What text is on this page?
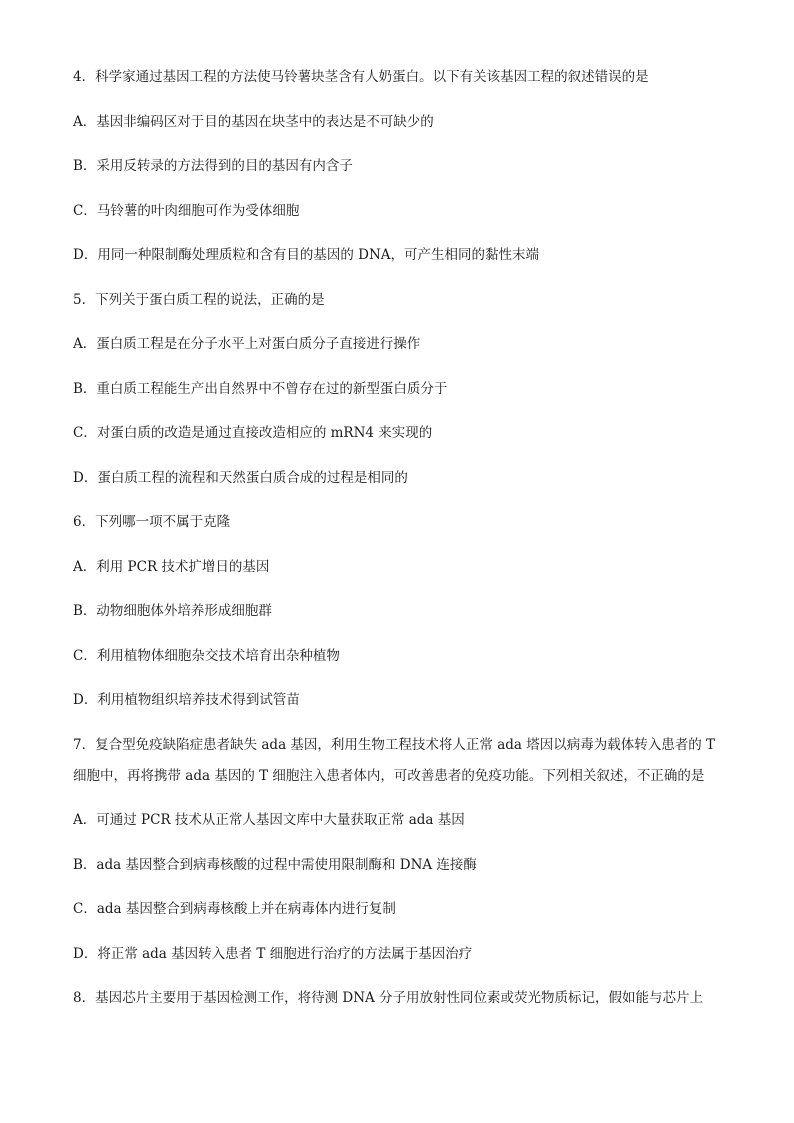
4．科学家通过基因工程的方法使马铃薯块茎含有人奶蛋白。以下有关该基因工程的叙述错误的是
A．基因非编码区对于目的基因在块茎中的表达是不可缺少的
B．采用反转录的方法得到的目的基因有内含子
C．马铃薯的叶肉细胞可作为受体细胞
D．用同一种限制酶处理质粒和含有目的基因的 DNA，可产生相同的黏性末端
5．下列关于蛋白质工程的说法，正确的是
A．蛋白质工程是在分子水平上对蛋白质分子直接进行操作
B．重白质工程能生产出自然界中不曾存在过的新型蛋白质分于
C．对蛋白质的改造是通过直接改造相应的 mRN4 来实现的
D．蛋白质工程的流程和天然蛋白质合成的过程是相同的
6．下列哪一项不属于克隆
A．利用 PCR 技术扩增日的基因
B．动物细胞体外培养形成细胞群
C．利用植物体细胞杂交技术培育出杂种植物
D．利用植物组织培养技术得到试管苗
7．复合型免疫缺陷症患者缺失 ada 基因，利用生物工程技术将人正常 ada 塔因以病毒为载体转入患者的 T
细胞中，再将携带 ada 基因的 T 细胞注入患者体内，可改善患者的免疫功能。下列相关叙述，不正确的是
A．可通过 PCR 技术从正常人基因文库中大量获取正常 ada 基因
B．ada 基因整合到病毒核酸的过程中需使用限制酶和 DNA 连接酶
C．ada 基因整合到病毒核酸上并在病毒体内进行复制
D．将正常 ada 基因转入患者 T 细胞进行治疗的方法属于基因治疗
8．基因芯片主要用于基因检测工作，将待测 DNA 分子用放射性同位素或荧光物质标记，假如能与芯片上
